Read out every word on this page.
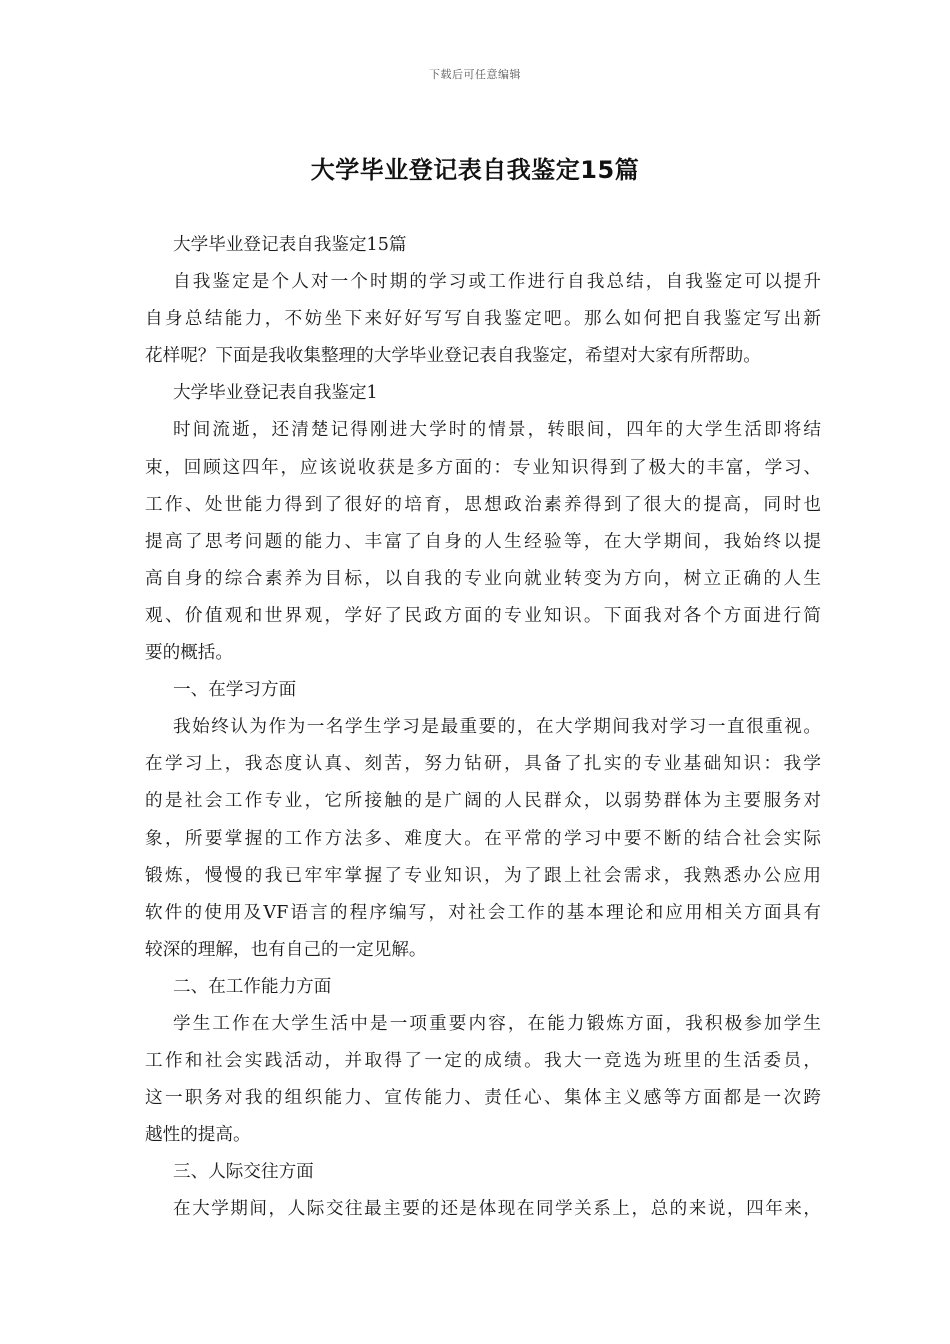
下载后可任意编辑
大学毕业登记表自我鉴定15篇
大学毕业登记表自我鉴定15篇
自我鉴定是个人对一个时期的学习或工作进行自我总结，自我鉴定可以提升
自身总结能力，不妨坐下来好好写写自我鉴定吧。那么如何把自我鉴定写出新
花样呢？下面是我收集整理的大学毕业登记表自我鉴定，希望对大家有所帮助。
大学毕业登记表自我鉴定1
时间流逝，还清楚记得刚进大学时的情景，转眼间，四年的大学生活即将结
束，回顾这四年，应该说收获是多方面的：专业知识得到了极大的丰富，学习、
工作、处世能力得到了很好的培育，思想政治素养得到了很大的提高，同时也
提高了思考问题的能力、丰富了自身的人生经验等，在大学期间，我始终以提
高自身的综合素养为目标，以自我的专业向就业转变为方向，树立正确的人生
观、价值观和世界观，学好了民政方面的专业知识。下面我对各个方面进行简
要的概括。
一、在学习方面
我始终认为作为一名学生学习是最重要的，在大学期间我对学习一直很重视。
在学习上，我态度认真、刻苦，努力钻研，具备了扎实的专业基础知识：我学
的是社会工作专业，它所接触的是广阔的人民群众，以弱势群体为主要服务对
象，所要掌握的工作方法多、难度大。在平常的学习中要不断的结合社会实际
锻炼，慢慢的我已牢牢掌握了专业知识，为了跟上社会需求，我熟悉办公应用
软件的使用及VF语言的程序编写，对社会工作的基本理论和应用相关方面具有
较深的理解，也有自己的一定见解。
二、在工作能力方面
学生工作在大学生活中是一项重要内容，在能力锻炼方面，我积极参加学生
工作和社会实践活动，并取得了一定的成绩。我大一竞选为班里的生活委员，
这一职务对我的组织能力、宣传能力、责任心、集体主义感等方面都是一次跨
越性的提高。
三、人际交往方面
在大学期间，人际交往最主要的还是体现在同学关系上，总的来说，四年来，
